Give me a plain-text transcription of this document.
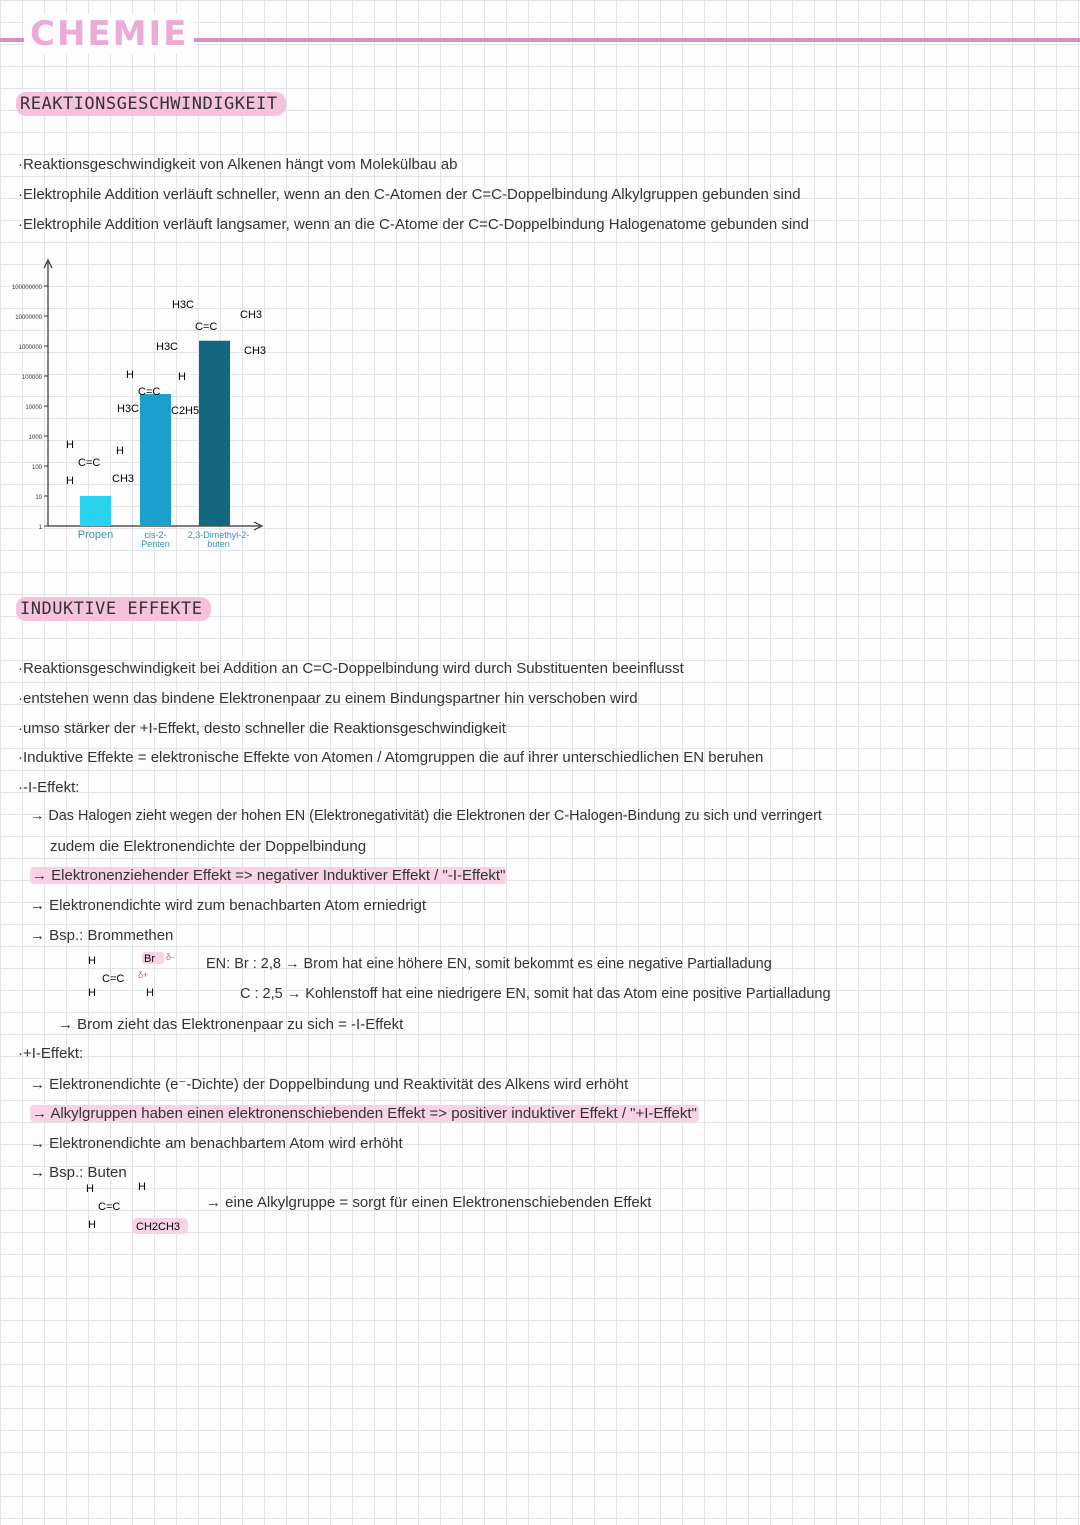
CHEMIE
REAKTIONSGESCHWINDIGKEIT
·Reaktionsgeschwindigkeit von Alkenen hängt vom Molekülbau ab
·Elektrophile Addition verläuft schneller, wenn an den C-Atomen der C=C-Doppelbindung Alkylgruppen gebunden sind
·Elektrophile Addition verläuft langsamer, wenn an die C-Atome der C=C-Doppelbindung Halogenatome gebunden sind
1
10
100
1000
10000
100000
1000000
10000000
100000000
Propen	cis-2-
Penten
2,3-Dimethyl-2-
buten
H
H
C=C
H
CH3
H
C=C
H
H3C	C2H5
H3C
C=C
CH3
H3C	CH3
INDUKTIVE EFFEKTE
·Reaktionsgeschwindigkeit bei Addition an C=C-Doppelbindung wird durch Substituenten beeinflusst
·entstehen wenn das bindene Elektronenpaar zu einem Bindungspartner hin verschoben wird
·umso stärker der +I-Effekt, desto schneller die Reaktionsgeschwindigkeit
·Induktive Effekte = elektronische Effekte von Atomen / Atomgruppen die auf ihrer unterschiedlichen EN beruhen
·-I-Effekt:
→ Das Halogen zieht wegen der hohen EN (Elektronegativität) die Elektronen der C-Halogen-Bindung zu sich und verringert
zudem die Elektronendichte der Doppelbindung
→ Elektronenziehender Effekt => negativer Induktiver Effekt / "-I-Effekt"
→ Elektronendichte wird zum benachbarten Atom erniedrigt
→ Bsp.: Brommethen
H
H
C=C
H
Br δ-
δ+
EN: Br : 2,8 → Brom hat eine höhere EN, somit bekommt es eine negative Partialladung
C : 2,5 → Kohlenstoff hat eine niedrigere EN, somit hat das Atom eine positive Partialladung
→ Brom zieht das Elektronenpaar zu sich = -I-Effekt
·+I-Effekt:
→ Elektronendichte (e⁻-Dichte) der Doppelbindung und Reaktivität des Alkens wird erhöht
→ Alkylgruppen haben einen elektronenschiebenden Effekt => positiver induktiver Effekt / "+I-Effekt"
→ Elektronendichte am benachbartem Atom wird erhöht
→ Bsp.: Buten
H	H
C=C
H	CH2CH3
→ eine Alkylgruppe = sorgt für einen Elektronenschiebenden Effekt
